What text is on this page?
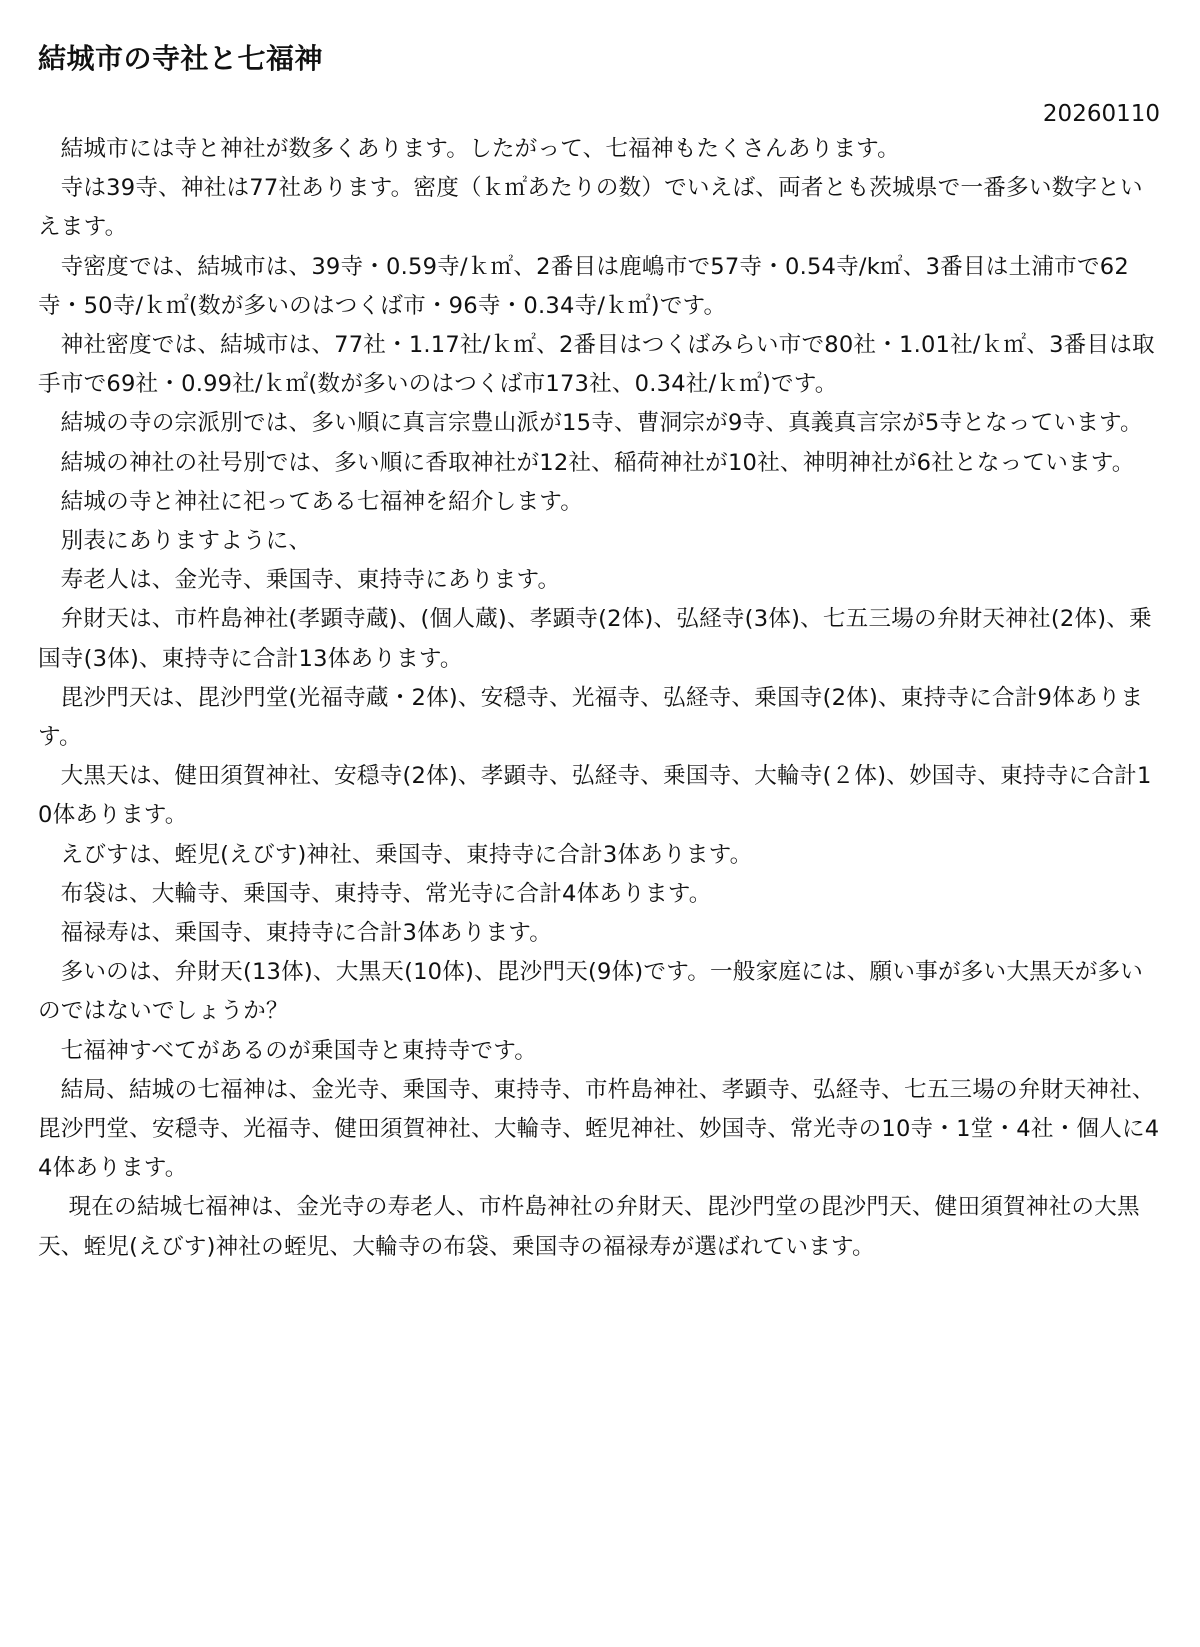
結城市の寺社と七福神
20260110

結城市には寺と神社が数多くあります。したがって、七福神もたくさんあります。

寺は39寺、神社は77社あります。密度（ｋ㎡あたりの数）でいえば、両者とも茨城県で一番多い数字といえます。

寺密度では、結城市は、39寺・0.59寺/ｋ㎡、2番目は鹿嶋市で57寺・0.54寺/k㎡、3番目は土浦市で62寺・50寺/ｋ㎡(数が多いのはつくば市・96寺・0.34寺/ｋ㎡)です。

神社密度では、結城市は、77社・1.17社/ｋ㎡、2番目はつくばみらい市で80社・1.01社/ｋ㎡、3番目は取手市で69社・0.99社/ｋ㎡(数が多いのはつくば市173社、0.34社/ｋ㎡)です。

結城の寺の宗派別では、多い順に真言宗豊山派が15寺、曹洞宗が9寺、真義真言宗が5寺となっています。

結城の神社の社号別では、多い順に香取神社が12社、稲荷神社が10社、神明神社が6社となっています。

結城の寺と神社に祀ってある七福神を紹介します。

別表にありますように、

寿老人は、金光寺、乗国寺、東持寺にあります。

弁財天は、市杵島神社(孝顕寺蔵)、(個人蔵)、孝顕寺(2体)、弘経寺(3体)、七五三場の弁財天神社(2体)、乗国寺(3体)、東持寺に合計13体あります。

毘沙門天は、毘沙門堂(光福寺蔵・2体)、安穏寺、光福寺、弘経寺、乗国寺(2体)、東持寺に合計9体あります。

大黒天は、健田須賀神社、安穏寺(2体)、孝顕寺、弘経寺、乗国寺、大輪寺(２体)、妙国寺、東持寺に合計10体あります。

えびすは、蛭児(えびす)神社、乗国寺、東持寺に合計3体あります。

布袋は、大輪寺、乗国寺、東持寺、常光寺に合計4体あります。

福禄寿は、乗国寺、東持寺に合計3体あります。

多いのは、弁財天(13体)、大黒天(10体)、毘沙門天(9体)です。一般家庭には、願い事が多い大黒天が多いのではないでしょうか？

七福神すべてがあるのが乗国寺と東持寺です。

結局、結城の七福神は、金光寺、乗国寺、東持寺、市杵島神社、孝顕寺、弘経寺、七五三場の弁財天神社、毘沙門堂、安穏寺、光福寺、健田須賀神社、大輪寺、蛭児神社、妙国寺、常光寺の10寺・1堂・4社・個人に44体あります。

現在の結城七福神は、金光寺の寿老人、市杵島神社の弁財天、毘沙門堂の毘沙門天、健田須賀神社の大黒天、蛭児(えびす)神社の蛭児、大輪寺の布袋、乗国寺の福禄寿が選ばれています。
